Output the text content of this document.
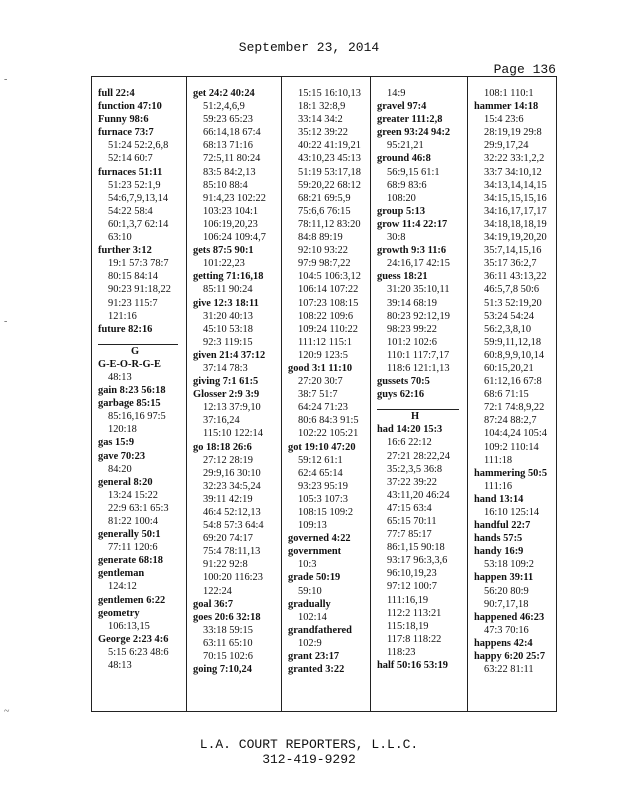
September 23, 2014
Page 136
full 22:4
function 47:10
Funny 98:6
furnace 73:7
51:24 52:2,6,8
52:14 60:7
furnaces 51:11
51:23 52:1,9
54:6,7,9,13,14
54:22 58:4
60:1,3,7 62:14
63:10
further 3:12
19:1 57:3 78:7
80:15 84:14
90:23 91:18,22
91:23 115:7
121:16
future 82:16
G
G-E-O-R-G-E
48:13
gain 8:23 56:18
garbage 85:15
85:16,16 97:5
120:18
gas 15:9
gave 70:23
84:20
general 8:20
13:24 15:22
22:9 63:1 65:3
81:22 100:4
generally 50:1
77:11 120:6
generate 68:18
gentleman
124:12
gentlemen 6:22
geometry
106:13,15
George 2:23 4:6
5:15 6:23 48:6
48:13
get 24:2 40:24
51:2,4,6,9
59:23 65:23
66:14,18 67:4
68:13 71:16
72:5,11 80:24
83:5 84:2,13
85:10 88:4
91:4,23 102:22
103:23 104:1
106:19,20,23
106:24 109:4,7
gets 87:5 90:1
101:22,23
getting 71:16,18
85:11 90:24
give 12:3 18:11
31:20 40:13
45:10 53:18
92:3 119:15
given 21:4 37:12
37:14 78:3
giving 7:1 61:5
Glosser 2:9 3:9
12:13 37:9,10
37:16,24
115:10 122:14
go 18:18 26:6
27:12 28:19
29:9,16 30:10
32:23 34:5,24
39:11 42:19
46:4 52:12,13
54:8 57:3 64:4
69:20 74:17
75:4 78:11,13
91:22 92:8
100:20 116:23
122:24
goal 36:7
goes 20:6 32:18
33:18 59:15
63:11 65:10
70:15 102:6
going 7:10,24
15:15 16:10,13
18:1 32:8,9
33:14 34:2
35:12 39:22
40:22 41:19,21
43:10,23 45:13
51:19 53:17,18
59:20,22 68:12
68:21 69:5,9
75:6,6 76:15
78:11,12 83:20
84:8 89:19
92:10 93:22
97:9 98:7,22
104:5 106:3,12
106:14 107:22
107:23 108:15
108:22 109:6
109:24 110:22
111:12 115:1
120:9 123:5
good 3:1 11:10
27:20 30:7
38:7 51:7
64:24 71:23
80:6 84:3 91:5
102:22 105:21
got 19:10 47:20
59:12 61:1
62:4 65:14
93:23 95:19
105:3 107:3
108:15 109:2
109:13
governed 4:22
government
10:3
grade 50:19
59:10
gradually
102:14
grandfathered
102:9
grant 23:17
granted 3:22
14:9
gravel 97:4
greater 111:2,8
green 93:24 94:2
95:21,21
ground 46:8
56:9,15 61:1
68:9 83:6
108:20
group 5:13
grow 11:4 22:17
30:8
growth 9:3 11:6
24:16,17 42:15
guess 18:21
31:20 35:10,11
39:14 68:19
80:23 92:12,19
98:23 99:22
101:2 102:6
110:1 117:7,17
118:6 121:1,13
gussets 70:5
guys 62:16
H
had 14:20 15:3
16:6 22:12
27:21 28:22,24
35:2,3,5 36:8
37:22 39:22
43:11,20 46:24
47:15 63:4
65:15 70:11
77:7 85:17
86:1,15 90:18
93:17 96:3,3,6
96:10,19,23
97:12 100:7
111:16,19
112:2 113:21
115:18,19
117:8 118:22
118:23
half 50:16 53:19
108:1 110:1
hammer 14:18
15:4 23:6
28:19,19 29:8
29:9,17,24
32:22 33:1,2,2
33:7 34:10,12
34:13,14,14,15
34:15,15,15,16
34:16,17,17,17
34:18,18,18,19
34:19,19,20,20
35:7,14,15,16
35:17 36:2,7
36:11 43:13,22
46:5,7,8 50:6
51:3 52:19,20
53:24 54:24
56:2,3,8,10
59:9,11,12,18
60:8,9,9,10,14
60:15,20,21
61:12,16 67:8
68:6 71:15
72:1 74:8,9,22
87:24 88:2,7
104:4,24 105:4
109:2 110:14
111:18
hammering 50:5
111:16
hand 13:14
16:10 125:14
handful 22:7
hands 57:5
handy 16:9
53:18 109:2
happen 39:11
56:20 80:9
90:7,17,18
happened 46:23
47:3 70:16
happens 42:4
happy 6:20 25:7
63:22 81:11
L.A. COURT REPORTERS, L.L.C.
312-419-9292
-
-
~
